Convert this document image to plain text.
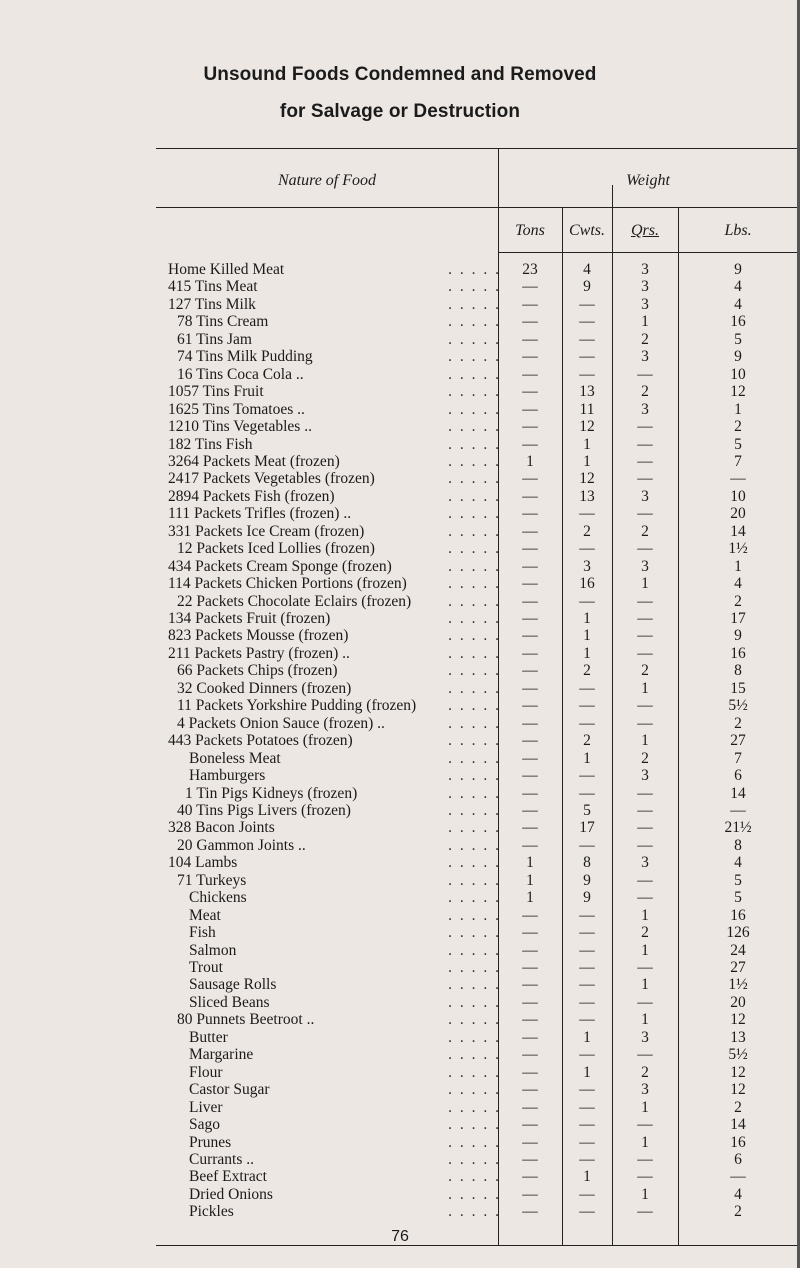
Unsound Foods Condemned and Removed
for Salvage or Destruction
Nature of Food	Weight
Tons	Cwts.	Qrs.	Lbs.
. . . . .
Home Killed Meat	23	4	3	9
. . . . .
415 Tins Meat	—	9	3	4
. . . . .
127 Tins Milk	—	—	3	4
. . . . .
78 Tins Cream	—	—	1	16
. . . . .
61 Tins Jam	—	—	2	5
. . . . .
74 Tins Milk Pudding	—	—	3	9
. . . . .
16 Tins Coca Cola ..	—	—	—	10
. . . . .
1057 Tins Fruit	—	13	2	12
. . . . .
1625 Tins Tomatoes ..	—	11	3	1
. . . . .
1210 Tins Vegetables ..	—	12	—	2
. . . . .
182 Tins Fish	—	1	—	5
. . . . .
3264 Packets Meat (frozen)	1	1	—	7
. . . . .
2417 Packets Vegetables (frozen)	—	12	—	—
. . . . .
2894 Packets Fish (frozen)	—	13	3	10
. . . . .
111 Packets Trifles (frozen) ..	—	—	—	20
. . . . .
331 Packets Ice Cream (frozen)	—	2	2	14
. . . . .
12 Packets Iced Lollies (frozen)	—	—	—	1½
. . . . .
434 Packets Cream Sponge (frozen)	—	3	3	1
. . . . .
114 Packets Chicken Portions (frozen)	—	16	1	4
. . . . .
22 Packets Chocolate Eclairs (frozen)	—	—	—	2
. . . . .
134 Packets Fruit (frozen)	—	1	—	17
. . . . .
823 Packets Mousse (frozen)	—	1	—	9
. . . . .
211 Packets Pastry (frozen) ..	—	1	—	16
. . . . .
66 Packets Chips (frozen)	—	2	2	8
. . . . .
32 Cooked Dinners (frozen)	—	—	1	15
. . . . .
11 Packets Yorkshire Pudding (frozen)	—	—	—	5½
. . . . .
4 Packets Onion Sauce (frozen) ..	—	—	—	2
. . . . .
443 Packets Potatoes (frozen)	—	2	1	27
. . . . .
Boneless Meat	—	1	2	7
. . . . .
Hamburgers	—	—	3	6
. . . . .
1 Tin Pigs Kidneys (frozen)	—	—	—	14
. . . . .
40 Tins Pigs Livers (frozen)	—	5	—	—
. . . . .
328 Bacon Joints	—	17	—	21½
. . . . .
20 Gammon Joints ..	—	—	—	8
. . . . .
104 Lambs	1	8	3	4
. . . . .
71 Turkeys	1	9	—	5
. . . . .
Chickens	1	9	—	5
. . . . .
Meat	—	—	1	16
. . . . .
Fish	—	—	2	126
. . . . .
Salmon	—	—	1	24
. . . . .
Trout	—	—	—	27
. . . . .
Sausage Rolls	—	—	1	1½
. . . . .
Sliced Beans	—	—	—	20
. . . . .
80 Punnets Beetroot ..	—	—	1	12
. . . . .
Butter	—	1	3	13
. . . . .
Margarine	—	—	—	5½
. . . . .
Flour	—	1	2	12
. . . . .
Castor Sugar	—	—	3	12
. . . . .
Liver	—	—	1	2
. . . . .
Sago	—	—	—	14
. . . . .
Prunes	—	—	1	16
. . . . .
Currants ..	—	—	—	6
. . . . .
Beef Extract	—	1	—	—
. . . . .
Dried Onions	—	—	1	4
. . . . .
Pickles	—	—	—	2
76
